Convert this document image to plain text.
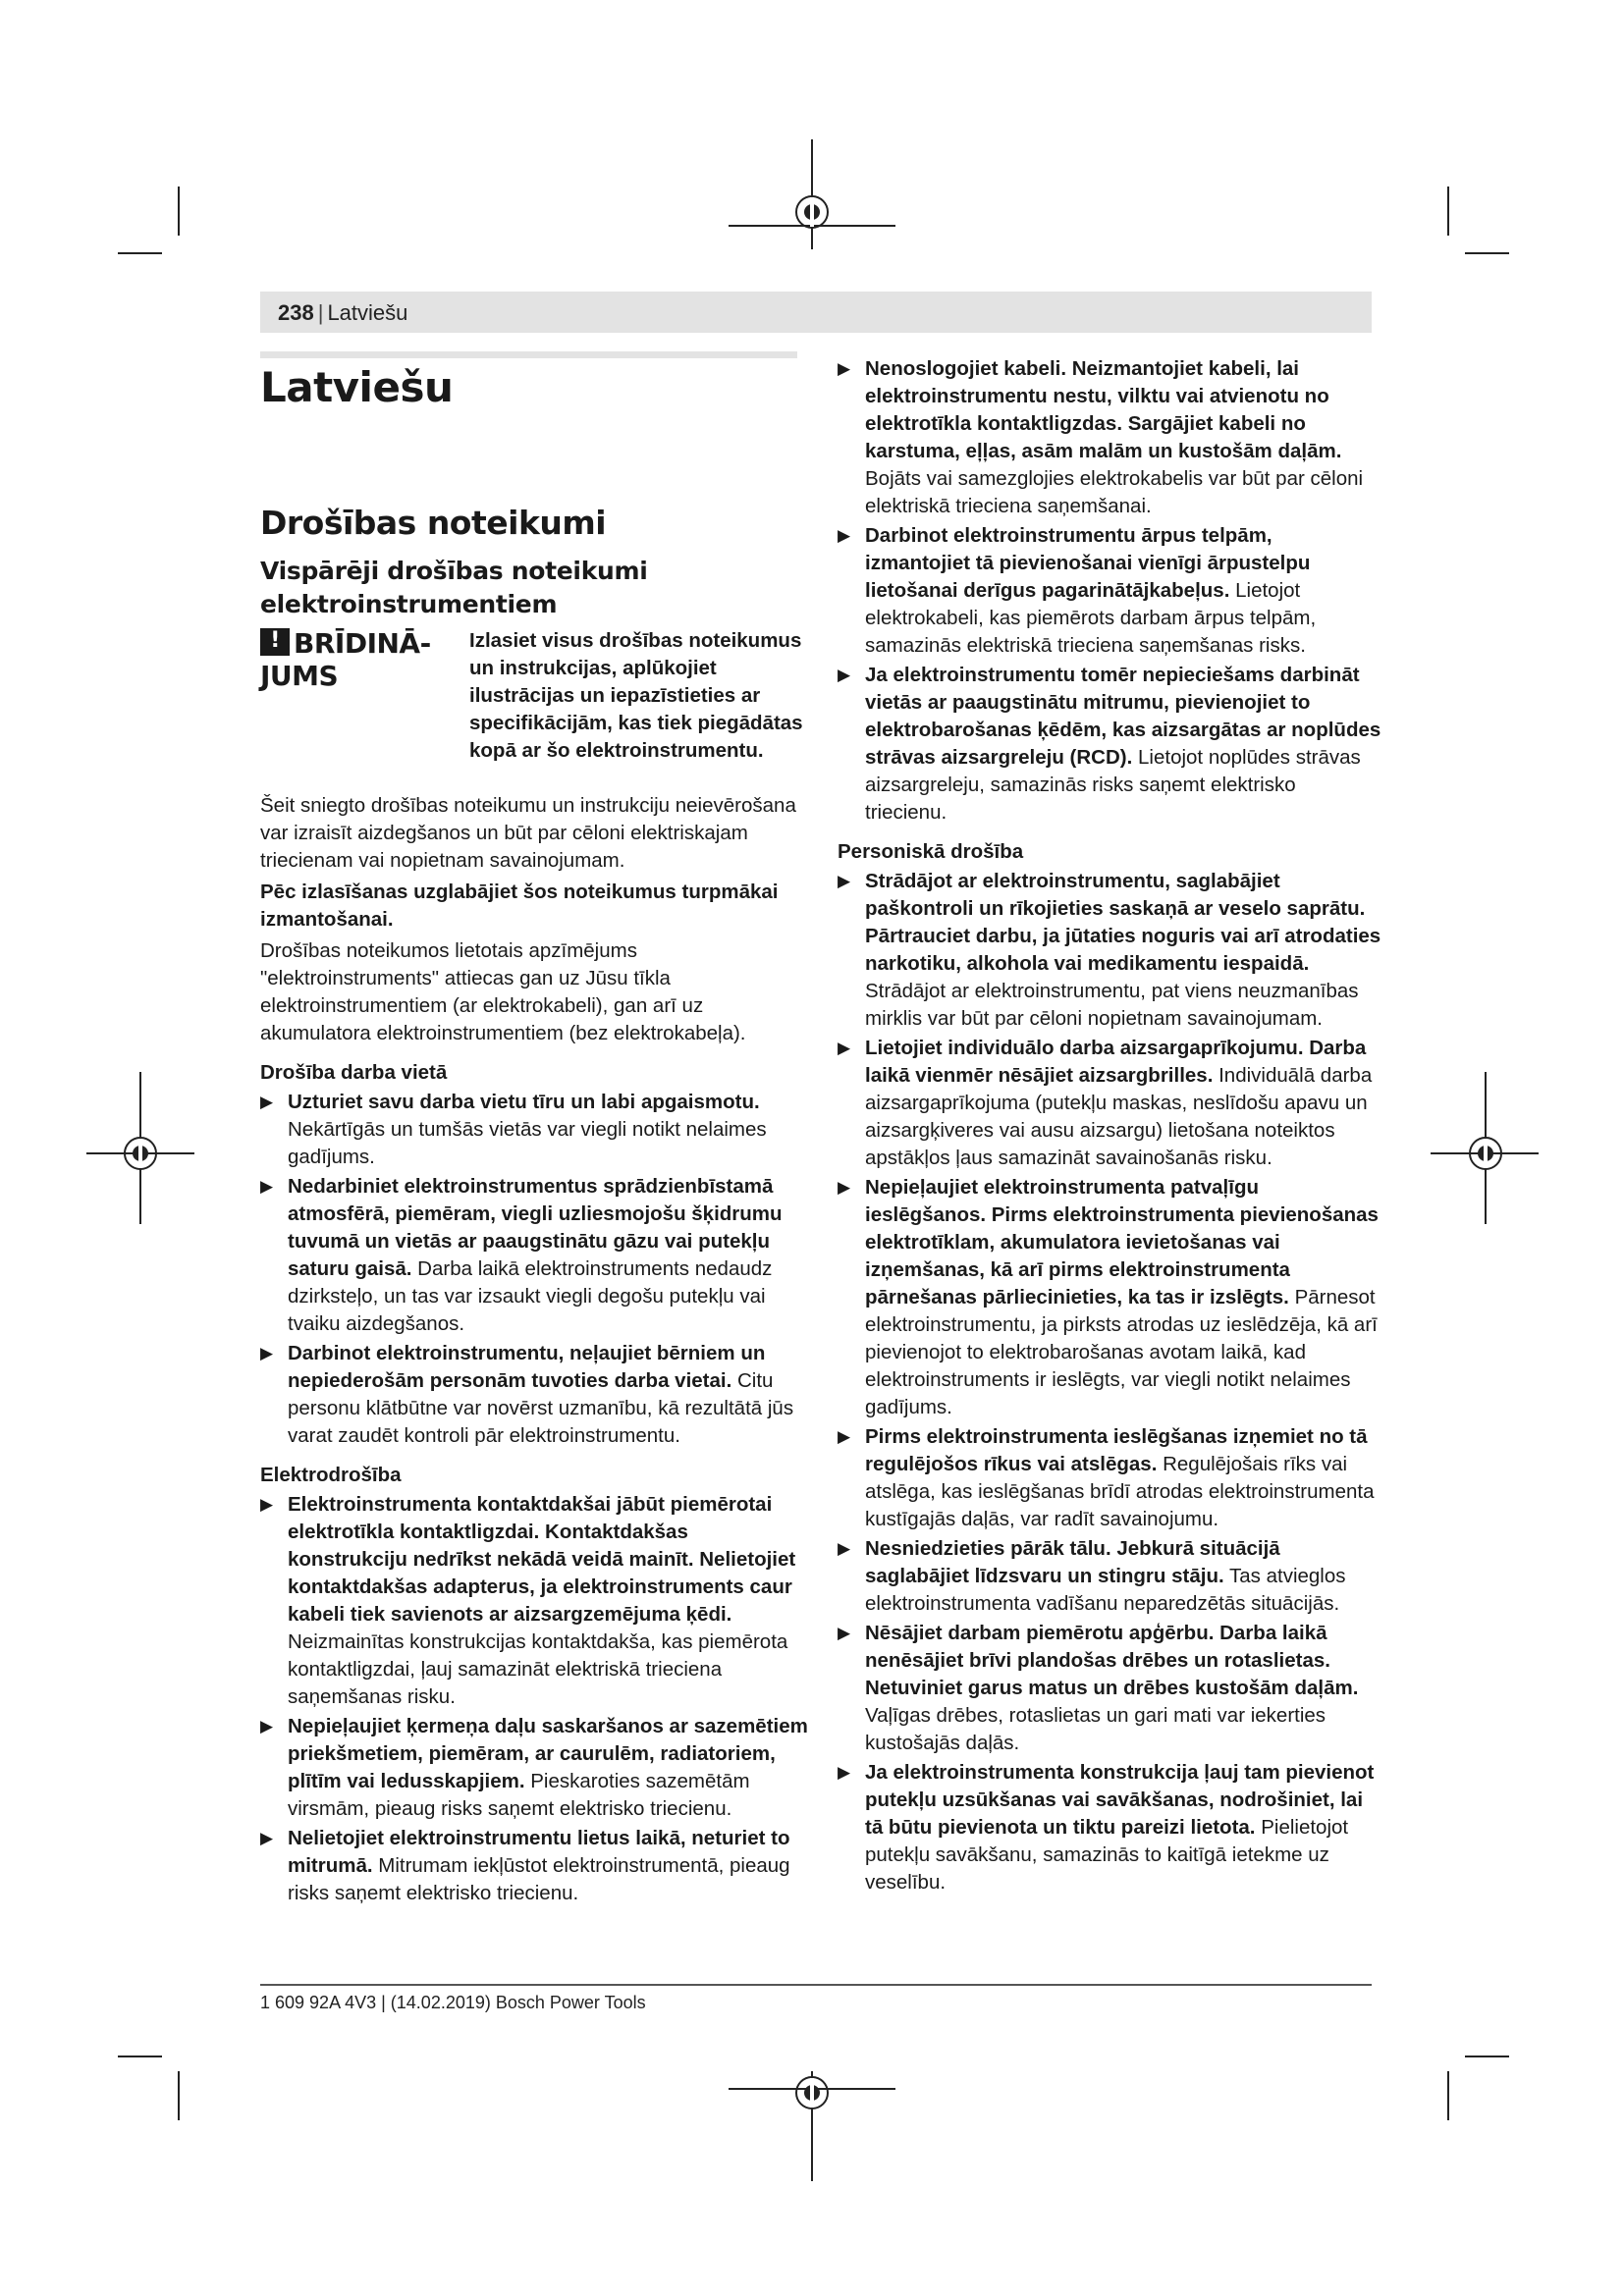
238 | Latviešu
Latviešu
Drošības noteikumi
Vispārēji drošības noteikumi elektroinstrumentiem
!BRĪDINĀ-JUMS

Izlasiet visus drošības noteikumus un instrukcijas, aplūkojiet ilustrācijas un iepazīstieties ar specifikācijām, kas tiek piegādātas kopā ar šo elektroinstrumentu.

Šeit sniegto drošības noteikumu un instrukciju neievērošana var izraisīt aizdegšanos un būt par cēloni elektriskajam triecienam vai nopietnam savainojumam.

Pēc izlasīšanas uzglabājiet šos noteikumus turpmākai izmantošanai.

Drošības noteikumos lietotais apzīmējums "elektroinstruments" attiecas gan uz Jūsu tīkla elektroinstrumentiem (ar elektrokabeli), gan arī uz akumulatora elektroinstrumentiem (bez elektrokabeļa).

Drošība darba vietā
▶ Uzturiet savu darba vietu tīru un labi apgaismotu. Nekārtīgās un tumšās vietās var viegli notikt nelaimes gadījums.
▶ Nedarbiniet elektroinstrumentus sprādzienbīstamā atmosfērā, piemēram, viegli uzliesmojošu šķidrumu tuvumā un vietās ar paaugstinātu gāzu vai putekļu saturu gaisā. Darba laikā elektroinstruments nedaudz dzirksteļo, un tas var izsaukt viegli degošu putekļu vai tvaiku aizdegšanos.
▶ Darbinot elektroinstrumentu, neļaujiet bērniem un nepiederošām personām tuvoties darba vietai. Citu personu klātbūtne var novērst uzmanību, kā rezultātā jūs varat zaudēt kontroli pār elektroinstrumentu.
Elektrodrošība
▶ Elektroinstrumenta kontaktdakšai jābūt piemērotai elektrotīkla kontaktligzdai. Kontaktdakšas konstrukciju nedrīkst nekādā veidā mainīt. Nelietojiet kontaktdakšas adapterus, ja elektroinstruments caur kabeli tiek savienots ar aizsargzemējuma ķēdi. Neizmainītas konstrukcijas kontaktdakša, kas piemērota kontaktligzdai, ļauj samazināt elektriskā trieciena saņemšanas risku.
▶ Nepieļaujiet ķermeņa daļu saskaršanos ar sazemētiem priekšmetiem, piemēram, ar caurulēm, radiatoriem, plītīm vai ledusskapjiem. Pieskaroties sazemētām virsmām, pieaug risks saņemt elektrisko triecienu.
▶ Nelietojiet elektroinstrumentu lietus laikā, neturiet to mitrumā. Mitrumam iekļūstot elektroinstrumentā, pieaug risks saņemt elektrisko triecienu.
▶ Nenoslogojiet kabeli. Neizmantojiet kabeli, lai elektroinstrumentu nestu, vilktu vai atvienotu no elektrotīkla kontaktligzdas. Sargājiet kabeli no karstuma, eļļas, asām malām un kustošām daļām. Bojāts vai samezglojies elektrokabelis var būt par cēloni elektriskā trieciena saņemšanai.
▶ Darbinot elektroinstrumentu ārpus telpām, izmantojiet tā pievienošanai vienīgi ārpustelpu lietošanai derīgus pagarinātājkabeļus. Lietojot elektrokabeli, kas piemērots darbam ārpus telpām, samazinās elektriskā trieciena saņemšanas risks.
▶ Ja elektroinstrumentu tomēr nepieciešams darbināt vietās ar paaugstinātu mitrumu, pievienojiet to elektrobarošanas ķēdēm, kas aizsargātas ar noplūdes strāvas aizsargreleju (RCD). Lietojot noplūdes strāvas aizsargreleju, samazinās risks saņemt elektrisko triecienu.
Personiskā drošība
▶ Strādājot ar elektroinstrumentu, saglabājiet paškontroli un rīkojieties saskaņā ar veselo saprātu. Pārtrauciet darbu, ja jūtaties noguris vai arī atrodaties narkotiku, alkohola vai medikamentu iespaidā. Strādājot ar elektroinstrumentu, pat viens neuzmanības mirklis var būt par cēloni nopietnam savainojumam.
▶ Lietojiet individuālo darba aizsargaprīkojumu. Darba laikā vienmēr nēsājiet aizsargbrilles. Individuālā darba aizsargaprīkojuma (putekļu maskas, neslīdošu apavu un aizsargķiveres vai ausu aizsargu) lietošana noteiktos apstākļos ļaus samazināt savainošanās risku.
▶ Nepieļaujiet elektroinstrumenta patvaļīgu ieslēgšanos. Pirms elektroinstrumenta pievienošanas elektrotīklam, akumulatora ievietošanas vai izņemšanas, kā arī pirms elektroinstrumenta pārnešanas pārliecinieties, ka tas ir izslēgts. Pārnesot elektroinstrumentu, ja pirksts atrodas uz ieslēdzēja, kā arī pievienojot to elektrobarošanas avotam laikā, kad elektroinstruments ir ieslēgts, var viegli notikt nelaimes gadījums.
▶ Pirms elektroinstrumenta ieslēgšanas izņemiet no tā regulējošos rīkus vai atslēgas. Regulējošais rīks vai atslēga, kas ieslēgšanas brīdī atrodas elektroinstrumenta kustīgajās daļās, var radīt savainojumu.
▶ Nesniedzieties pārāk tālu. Jebkurā situācijā saglabājiet līdzsvaru un stingru stāju. Tas atvieglos elektroinstrumenta vadīšanu neparedzētās situācijās.
▶ Nēsājiet darbam piemērotu apģērbu. Darba laikā nenēsājiet brīvi plandošas drēbes un rotaslietas. Netuviniet garus matus un drēbes kustošām daļām. Vaļīgas drēbes, rotaslietas un gari mati var iekerties kustošajās daļās.
▶ Ja elektroinstrumenta konstrukcija ļauj tam pievienot putekļu uzsūkšanas vai savākšanas, nodrošiniet, lai tā būtu pievienota un tiktu pareizi lietota. Pielietojot putekļu savākšanu, samazinās to kaitīgā ietekme uz veselību.
1 609 92A 4V3 | (14.02.2019) Bosch Power Tools
